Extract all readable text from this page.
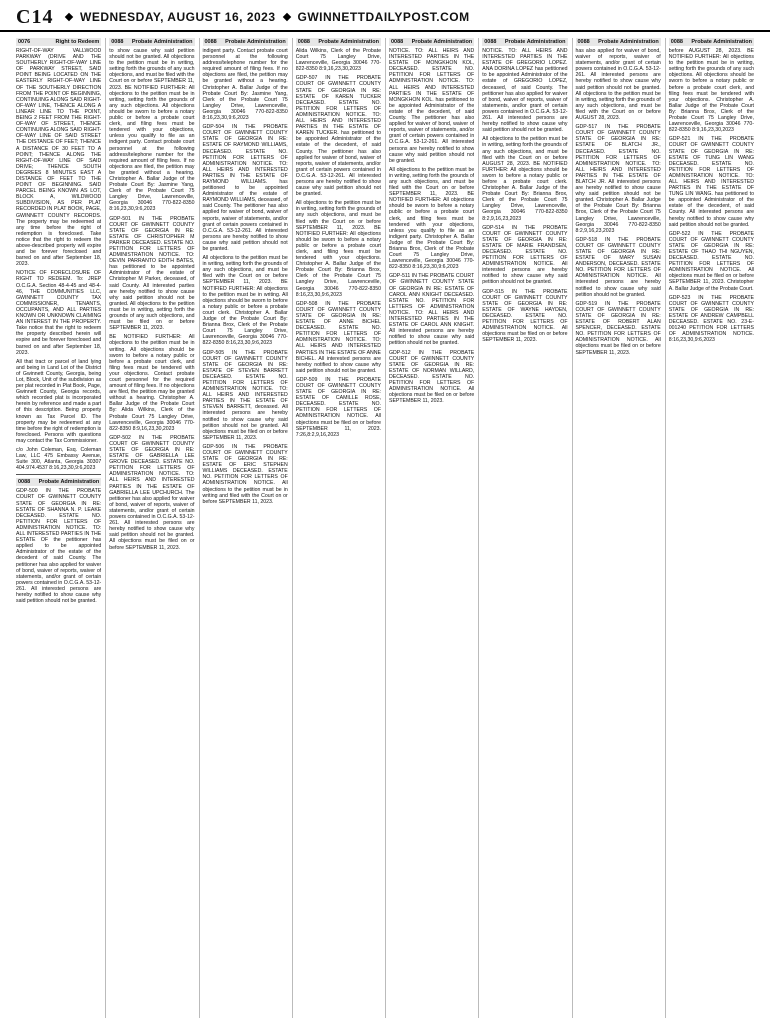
C14	WEDNESDAY, AUGUST 16, 2023 GWINNETTDAILYPOST.COM
0076	Right to Redeem

RIGHT-OF-WAY VALLWOOD PARKWAY (DRIVE AND THE SOUTHERLY RIGHT-OF-WAY LINE OF PARKWAY STREET, SAID POINT BEING LOCATED ON THE EASTERLY RIGHT-OF-WAY LINE OF THE SOUTHERLY DIRECTION FROM THE POINT OF BEGINNING, CONTINUING ALONG SAID RIGHT-OF-WAY LINE, THENCE ALONG A LINEAR LINE TO THE POINT, BEING 2 FEET FROM THE RIGHT-OF-WAY OF STREET, THENCE CONTINUING ALONG SAID RIGHT-OF-WAY LINE OF SAID STREET THE DISTANCE OF FEET; THENCE A DISTANCE OF 30 FEET TO A POINT; THENCE ALONG THE RIGHT-OF-WAY LINE OF SAID DRIVE; THENCE SOUTH DEGREES 8 MINUTES EAST A DISTANCE OF FEET TO THE POINT OF BEGINNING. SAID PARCEL BEING KNOWN AS LOT, BLOCK A, WILDWOOD SUBDIVISION, AS PER PLAT RECORDED IN PLAT BOOK, PAGE, GWINNETT COUNTY RECORDS. The property may be redeemed at any time before the right of redemption is foreclosed. Take notice that the right to redeem the above-described property will expire and be forever foreclosed and barred on and after September 18, 2023.

NOTICE OF FORECLOSURE OF RIGHT TO REDEEM. To: JREP O.C.G.A. Section 48-4-45 and 48-4-46, THE COMMUNITIES LLC, GWINNETT COUNTY TAX COMMISSIONER, TENANTS, OCCUPANTS, AND ALL PARTIES KNOWN OR UNKNOWN CLAIMING AN INTEREST IN THE PROPERTY. Take notice that the right to redeem the property described herein will expire and be forever foreclosed and barred on and after September 18, 2023.

All that tract or parcel of land lying and being in Land Lot of the District of Gwinnett County, Georgia, being Lot, Block, Unit of the subdivision as per plat recorded in Plat Book, Page, Gwinnett County, Georgia records, which recorded plat is incorporated herein by reference and made a part of this description. Being property known as Tax Parcel ID. The property may be redeemed at any time before the right of redemption is foreclosed. Persons with questions may contact the Tax Commissioner.

c/o John Coleman, Esq. Coleman Law, LLC 475 Embassy Avenue, Suite 300, Atlanta, Georgia 30307 404.974.4537 8:16,23,30,9:6,2023

0088 Probate Administration

GDP-500 IN THE PROBATE COURT OF GWINNETT COUNTY STATE OF GEORGIA IN RE: ESTATE OF SHANNA N. P. LEAKE DECEASED. ESTATE NO. PETITION FOR LETTERS OF ADMINISTRATION NOTICE. TO: ALL INTERESTED PARTIES IN THE ESTATE OF the petitioner has applied to be appointed Administrator of the estate of the decedent of said County. The petitioner has also applied for waiver of bond, waiver of reports, waiver of statements, and/or grant of certain powers contained in O.C.G.A. 53-12-261. All interested persons are hereby notified to show cause why said petition should not be granted.

0088 Probate Administration

to show cause why said petition should not be granted. All objections to the petition must be in writing, setting forth the grounds of any such objections, and must be filed with the Court on or before SEPTEMBER 11, 2023. BE NOTIFIED FURTHER: All objections to the petition must be in writing, setting forth the grounds of any such objections. All objections should be sworn to before a notary public or before a probate court clerk, and filing fees must be tendered with your objections, unless you qualify to file as an indigent party. Contact probate court personnel at the following address/telephone number for the required amount of filing fees. If no objections are filed, the petition may be granted without a hearing. Christopher A. Ballar Judge of the Probate Court By: Jasmine Yang, Clerk of the Probate Court 75 Langley Drive, Lawrenceville, Georgia 30046 770-822-8350 8:16,23,30,9:6,2023

GDP-501 IN THE PROBATE COURT OF GWINNETT COUNTY STATE OF GEORGIA IN RE: ESTATE OF CHRISTOPHER M PARKER DECEASED. ESTATE NO. PETITION FOR LETTERS OF ADMINISTRATION NOTICE. TO: DEVIN PARRANTO EDITH BATES, has petitioned to be appointed Administrator of the estate of Christopher M Parker, deceased, of said County. All interested parties are hereby notified to show cause why said petition should not be granted. All objections to the petition must be in writing, setting forth the grounds of any such objections, and must be filed on or before SEPTEMBER 11, 2023.

BE NOTIFIED FURTHER: All objections to the petition must be in writing. All objections should be sworn to before a notary public or before a probate court clerk, and filing fees must be tendered with your objections. Contact probate court personnel for the required amount of filing fees. If no objections are filed, the petition may be granted without a hearing. Christopher A. Ballar Judge of the Probate Court By: Alida Wilkins, Clerk of the Probate Court 75 Langley Drive, Lawrenceville, Georgia 30046 770-822-8350 8:9,16,23,30,2023

GDP-502 IN THE PROBATE COURT OF GWINNETT COUNTY STATE OF GEORGIA IN RE: ESTATE OF GABRIELLA LEE GROVE DECEASED. ESTATE NO. PETITION FOR LETTERS OF ADMINISTRATION NOTICE. TO: ALL HEIRS AND INTERESTED PARTIES IN THE ESTATE OF GABRIELLA LEE UPCHURCH. The petitioner has also applied for waiver of bond, waiver of reports, waiver of statements, and/or grant of certain powers contained in O.C.G.A. 53-12-261. All interested persons are hereby notified to show cause why said petition should not be granted. All objections must be filed on or before SEPTEMBER 11, 2023.

0088 Probate Administration

indigent party. Contact probate court personnel at the following address/telephone number for the required amount of filing fees. If no objections are filed, the petition may be granted without a hearing. Christopher A. Ballar Judge of the Probate Court By: Jasmine Yang, Clerk of the Probate Court 75 Langley Drive, Lawrenceville, Georgia 30046 770-822-8350 8:16,23,30,9:6,2023

GDP-504 IN THE PROBATE COURT OF GWINNETT COUNTY STATE OF GEORGIA IN RE: ESTATE OF RAYMOND WILLIAMS, DECEASED. ESTATE NO. PETITION FOR LETTERS OF ADMINISTRATION NOTICE. TO: ALL HEIRS AND INTERESTED PARTIES IN THE ESTATE OF RAYMOND WILLIAMS. has petitioned to be appointed Administrator of the estate of RAYMOND WILLIAMS, deceased, of said County. The petitioner has also applied for waiver of bond, waiver of reports, waiver of statements, and/or grant of certain powers contained in O.C.G.A. 53-12-261. All interested persons are hereby notified to show cause why said petition should not be granted.

All objections to the petition must be in writing, setting forth the grounds of any such objections, and must be filed with the Court on or before SEPTEMBER 11, 2023. BE NOTIFIED FURTHER: All objections to the petition must be in writing. All objections should be sworn to before a notary public or before a probate court clerk. Christopher A. Ballar Judge of the Probate Court By: Brianna Brox, Clerk of the Probate Court 75 Langley Drive, Lawrenceville, Georgia 30046 770-822-8350 8:16,23,30,9:6,2023

GDP-505 IN THE PROBATE COURT OF GWINNETT COUNTY STATE OF GEORGIA IN RE: ESTATE OF STEVEN BARRETT DECEASED. ESTATE NO. PETITION FOR LETTERS OF ADMINISTRATION NOTICE. TO: ALL HEIRS AND INTERESTED PARTIES IN THE ESTATE OF STEVEN BARRETT, deceased. All interested persons are hereby notified to show cause why said petition should not be granted. All objections must be filed on or before SEPTEMBER 11, 2023.

GDP-506 IN THE PROBATE COURT OF GWINNETT COUNTY STATE OF GEORGIA IN RE: ESTATE OF ERIC STEPHEN WILLIAMS DECEASED. ESTATE NO. PETITION FOR LETTERS OF ADMINISTRATION NOTICE. All objections to the petition must be in writing and filed with the Court on or before SEPTEMBER 11, 2023.

0088 Probate Administration

Alida Wilkins, Clerk of the Probate Court 75 Langley Drive, Lawrenceville, Georgia 30046 770-822-8350 8:9,16,23,30,2023

GDP-507 IN THE PROBATE COURT OF GWINNETT COUNTY STATE OF GEORGIA IN RE: ESTATE OF KAREN TUCKER DECEASED. ESTATE NO. PETITION FOR LETTERS OF ADMINISTRATION NOTICE. TO: ALL HEIRS AND INTERESTED PARTIES IN THE ESTATE OF KAREN TUCKER. has petitioned to be appointed Administrator of the estate of the decedent, of said County. The petitioner has also applied for waiver of bond, waiver of reports, waiver of statements, and/or grant of certain powers contained in O.C.G.A. 53-12-261. All interested persons are hereby notified to show cause why said petition should not be granted.

All objections to the petition must be in writing, setting forth the grounds of any such objections, and must be filed with the Court on or before SEPTEMBER 11, 2023. BE NOTIFIED FURTHER: All objections should be sworn to before a notary public or before a probate court clerk, and filing fees must be tendered with your objections. Christopher A. Ballar Judge of the Probate Court By: Brianna Brox, Clerk of the Probate Court 75 Langley Drive, Lawrenceville, Georgia 30046 770-822-8350 8:16,23,30,9:6,2023

GDP-508 IN THE PROBATE COURT OF GWINNETT COUNTY STATE OF GEORGIA IN RE: ESTATE OF ANNE BICHEL DECEASED. ESTATE NO. PETITION FOR LETTERS OF ADMINISTRATION NOTICE. TO: ALL HEIRS AND INTERESTED PARTIES IN THE ESTATE OF ANNE BICHEL. All interested persons are hereby notified to show cause why said petition should not be granted.

GDP-509 IN THE PROBATE COURT OF GWINNETT COUNTY STATE OF GEORGIA IN RE: ESTATE OF CAMILLE ROSE, DECEASED. ESTATE NO. PETITION FOR LETTERS OF ADMINISTRATION NOTICE. All objections must be filed on or before SEPTEMBER 11, 2023. 7:26,8:2,9,16,2023

0088 Probate Administration

NOTICE. TO: ALL HEIRS AND INTERESTED PARTIES IN THE ESTATE OF MONGKHON KOL, DECEASED. ESTATE NO. PETITION FOR LETTERS OF ADMINISTRATION NOTICE. TO: ALL HEIRS AND INTERESTED PARTIES IN THE ESTATE OF MONGKHON KOL. has petitioned to be appointed Administrator of the estate of the decedent, of said County. The petitioner has also applied for waiver of bond, waiver of reports, waiver of statements, and/or grant of certain powers contained in O.C.G.A. 53-12-261. All interested persons are hereby notified to show cause why said petition should not be granted.

All objections to the petition must be in writing, setting forth the grounds of any such objections, and must be filed with the Court on or before SEPTEMBER 11, 2023. BE NOTIFIED FURTHER: All objections should be sworn to before a notary public or before a probate court clerk, and filing fees must be tendered with your objections, unless you qualify to file as an indigent party. Christopher A. Ballar Judge of the Probate Court By: Brianna Brox, Clerk of the Probate Court 75 Langley Drive, Lawrenceville, Georgia 30046 770-822-8350 8:16,23,30,9:6,2023

GDP-511 IN THE PROBATE COURT OF GWINNETT COUNTY STATE OF GEORGIA IN RE: ESTATE OF CAROL ANN KNIGHT DECEASED. ESTATE NO. PETITION FOR LETTERS OF ADMINISTRATION NOTICE. TO: ALL HEIRS AND INTERESTED PARTIES IN THE ESTATE OF CAROL ANN KNIGHT. All interested persons are hereby notified to show cause why said petition should not be granted.

GDP-512 IN THE PROBATE COURT OF GWINNETT COUNTY STATE OF GEORGIA IN RE: ESTATE OF NORMAN WILLARD, DECEASED. ESTATE NO. PETITION FOR LETTERS OF ADMINISTRATION NOTICE. All objections must be filed on or before SEPTEMBER 11, 2023.

0088 Probate Administration

NOTICE. TO: ALL HEIRS AND INTERESTED PARTIES IN THE ESTATE OF GREGORIO LOPEZ. ANA DORINA LOPEZ has petitioned to be appointed Administrator of the estate of GREGORIO LOPEZ, deceased, of said County. The petitioner has also applied for waiver of bond, waiver of reports, waiver of statements, and/or grant of certain powers contained in O.C.G.A. 53-12-261. All interested persons are hereby notified to show cause why said petition should not be granted.

All objections to the petition must be in writing, setting forth the grounds of any such objections, and must be filed with the Court on or before AUGUST 28, 2023. BE NOTIFIED FURTHER: All objections should be sworn to before a notary public or before a probate court clerk. Christopher A. Ballar Judge of the Probate Court By: Brianna Brox, Clerk of the Probate Court 75 Langley Drive, Lawrenceville, Georgia 30046 770-822-8350 8:2,9,16,23,2023

GDP-514 IN THE PROBATE COURT OF GWINNETT COUNTY STATE OF GEORGIA IN RE: ESTATE OF MARIE FRANDSEN, DECEASED. ESTATE NO. PETITION FOR LETTERS OF ADMINISTRATION NOTICE. All interested persons are hereby notified to show cause why said petition should not be granted.

GDP-515 IN THE PROBATE COURT OF GWINNETT COUNTY STATE OF GEORGIA IN RE: ESTATE OF WAYNE HAYDEN, DECEASED. ESTATE NO. PETITION FOR LETTERS OF ADMINISTRATION NOTICE. All objections must be filed on or before SEPTEMBER 11, 2023.

0088 Probate Administration

has also applied for waiver of bond, waiver of reports, waiver of statements, and/or grant of certain powers contained in O.C.G.A. 53-12-261. All interested persons are hereby notified to show cause why said petition should not be granted. All objections to the petition must be in writing, setting forth the grounds of any such objections, and must be filed with the Court on or before AUGUST 28, 2023.

GDP-517 IN THE PROBATE COURT OF GWINNETT COUNTY STATE OF GEORGIA IN RE: ESTATE OF BLATCH JR., DECEASED. ESTATE NO. PETITION FOR LETTERS OF ADMINISTRATION NOTICE. TO: ALL HEIRS AND INTERESTED PARTIES IN THE ESTATE OF BLATCH JR. All interested persons are hereby notified to show cause why said petition should not be granted. Christopher A. Ballar Judge of the Probate Court By: Brianna Brox, Clerk of the Probate Court 75 Langley Drive, Lawrenceville, Georgia 30046 770-822-8350 8:2,9,16,23,2023

GDP-518 IN THE PROBATE COURT OF GWINNETT COUNTY STATE OF GEORGIA IN RE: ESTATE OF MARY SUSAN ANDERSON, DECEASED. ESTATE NO. PETITION FOR LETTERS OF ADMINISTRATION NOTICE. All interested persons are hereby notified to show cause why said petition should not be granted.

GDP-519 IN THE PROBATE COURT OF GWINNETT COUNTY STATE OF GEORGIA IN RE: ESTATE OF ROBERT ALAN SPENCER, DECEASED. ESTATE NO. PETITION FOR LETTERS OF ADMINISTRATION NOTICE. All objections must be filed on or before SEPTEMBER 11, 2023.

0088 Probate Administration

before AUGUST 28, 2023. BE NOTIFIED FURTHER: All objections to the petition must be in writing, setting forth the grounds of any such objections. All objections should be sworn to before a notary public or before a probate court clerk, and filing fees must be tendered with your objections. Christopher A. Ballar Judge of the Probate Court By: Brianna Brox, Clerk of the Probate Court 75 Langley Drive, Lawrenceville, Georgia 30046 770-822-8350 8:9,16,23,30,2023

GDP-521 IN THE PROBATE COURT OF GWINNETT COUNTY STATE OF GEORGIA IN RE: ESTATE OF TUNG LIN WANG DECEASED. ESTATE NO. PETITION FOR LETTERS OF ADMINISTRATION NOTICE. TO: ALL HEIRS AND INTERESTED PARTIES IN THE ESTATE OF TUNG LIN WANG. has petitioned to be appointed Administrator of the estate of the decedent, of said County. All interested persons are hereby notified to show cause why said petition should not be granted.

GDP-522 IN THE PROBATE COURT OF GWINNETT COUNTY STATE OF GEORGIA IN RE: ESTATE OF THAO THI NGUYEN, DECEASED. ESTATE NO. PETITION FOR LETTERS OF ADMINISTRATION NOTICE. All objections must be filed on or before SEPTEMBER 11, 2023. Christopher A. Ballar Judge of the Probate Court.

GDP-523 IN THE PROBATE COURT OF GWINNETT COUNTY STATE OF GEORGIA IN RE: ESTATE OF ANDREW CAMPBELL DECEASED. ESTATE NO. 23-E-001240 PETITION FOR LETTERS OF ADMINISTRATION NOTICE. 8:16,23,30,9:6,2023
